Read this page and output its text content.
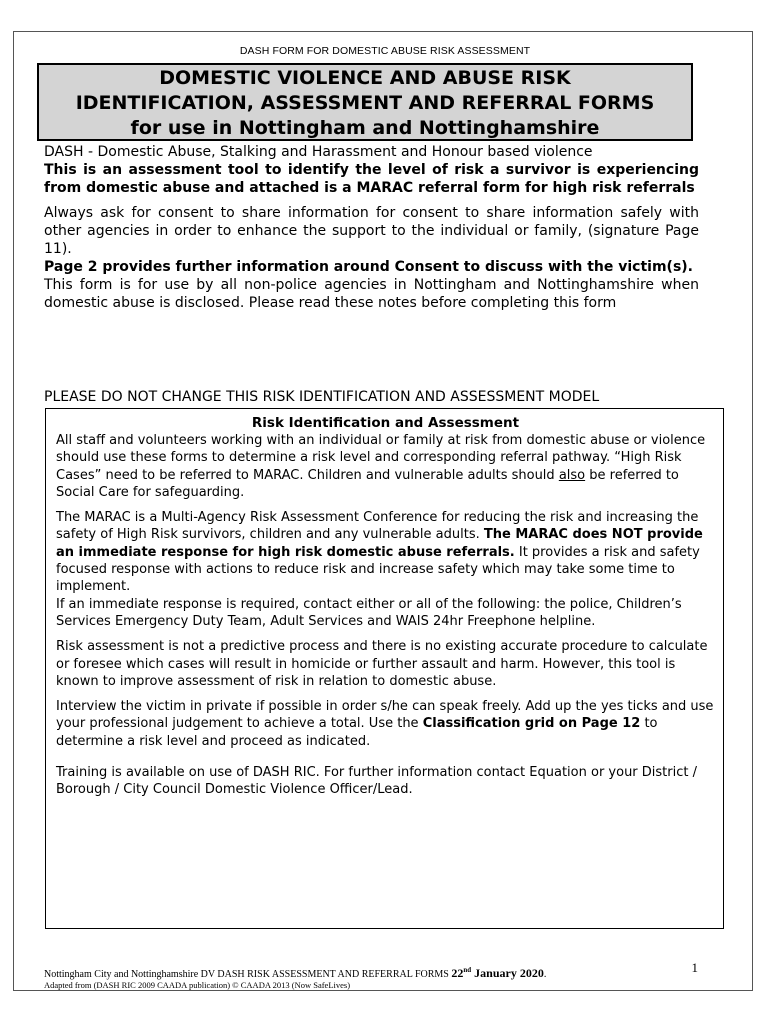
DASH FORM FOR DOMESTIC ABUSE RISK ASSESSMENT
DOMESTIC VIOLENCE AND ABUSE RISK
IDENTIFICATION, ASSESSMENT AND REFERRAL FORMS
for use in Nottingham and Nottinghamshire

DASH - Domestic Abuse, Stalking and Harassment and Honour based violence

This is an assessment tool to identify the level of risk a survivor is experiencing from domestic abuse and attached is a MARAC referral form for high risk referrals

Always ask for consent to share information for consent to share information safely with other agencies in order to enhance the support to the individual or family, (signature Page 11).

Page 2 provides further information around Consent to discuss with the victim(s).

This form is for use by all non-police agencies in Nottingham and Nottinghamshire when domestic abuse is disclosed. Please read these notes before completing this form

PLEASE DO NOT CHANGE THIS RISK IDENTIFICATION AND ASSESSMENT MODEL
Risk Identification and Assessment

All staff and volunteers working with an individual or family at risk from domestic abuse or violence should use these forms to determine a risk level and corresponding referral pathway. “High Risk Cases” need to be referred to MARAC. Children and vulnerable adults should also be referred to Social Care for safeguarding.

The MARAC is a Multi-Agency Risk Assessment Conference for reducing the risk and increasing the safety of High Risk survivors, children and any vulnerable adults. The MARAC does NOT provide an immediate response for high risk domestic abuse referrals. It provides a risk and safety focused response with actions to reduce risk and increase safety which may take some time to implement.

If an immediate response is required, contact either or all of the following: the police, Children’s Services Emergency Duty Team, Adult Services and WAIS 24hr Freephone helpline.

Risk assessment is not a predictive process and there is no existing accurate procedure to calculate or foresee which cases will result in homicide or further assault and harm. However, this tool is known to improve assessment of risk in relation to domestic abuse.

Interview the victim in private if possible in order s/he can speak freely. Add up the yes ticks and use your professional judgement to achieve a total. Use the Classification grid on Page 12 to determine a risk level and proceed as indicated.

Training is available on use of DASH RIC. For further information contact Equation or your District / Borough / City Council Domestic Violence Officer/Lead.

Nottingham City and Nottinghamshire DV DASH RISK ASSESSMENT AND REFERRAL FORMS 22nd January 2020.	1
Adapted from (DASH RIC 2009 CAADA publication) © CAADA 2013 (Now SafeLives)
